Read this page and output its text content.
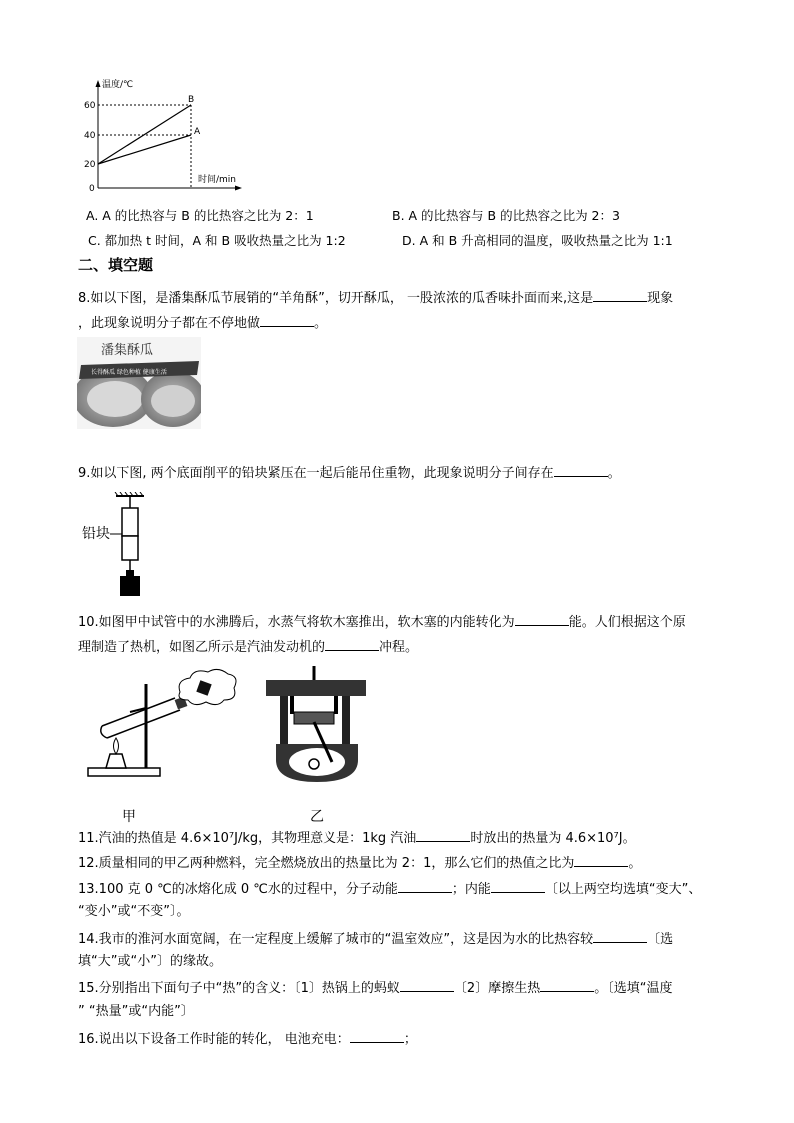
温度/℃
时间/min
60
40
20
0
B
A
A. A 的比热容与 B 的比热容之比为 2：1	B. A 的比热容与 B 的比热容之比为 2：3
C. 都加热 t 时间，A 和 B 吸收热量之比为 1:2	D. A 和 B 升高相同的温度，吸收热量之比为 1:1
二、填空题
8.如以下图，是潘集酥瓜节展销的“羊角酥”，切开酥瓜， 一股浓浓的瓜香味扑面而来,这是	现象
，此现象说明分子都在不停地做	。
潘集酥瓜
长得酥瓜 绿色种植 健康生活
9.如以下图, 两个底面削平的铅块紧压在一起后能吊住重物，此现象说明分子间存在	。
铅块
10.如图甲中试管中的水沸腾后，水蒸气将软木塞推出，软木塞的内能转化为	能。人们根据这个原
理制造了热机，如图乙所示是汽油发动机的	冲程。
甲	乙
11.汽油的热值是 4.6×10⁷J/kg，其物理意义是：1kg 汽油	时放出的热量为 4.6×10⁷J。
12.质量相同的甲乙两种燃料，完全燃烧放出的热量比为 2：1，那么它们的热值之比为	。
13.100 克 0 ℃的冰熔化成 0 ℃水的过程中，分子动能	；内能	〔以上两空均选填“变大”、
“变小”或“不变”〕。
14.我市的淮河水面宽阔，在一定程度上缓解了城市的“温室效应”，这是因为水的比热容较	〔选
填“大”或“小”〕的缘故。
15.分别指出下面句子中“热”的含义：〔1〕热锅上的蚂蚁	〔2〕摩擦生热	。〔选填“温度
” “热量”或“内能”〕
16.说出以下设备工作时能的转化， 电池充电：	；
